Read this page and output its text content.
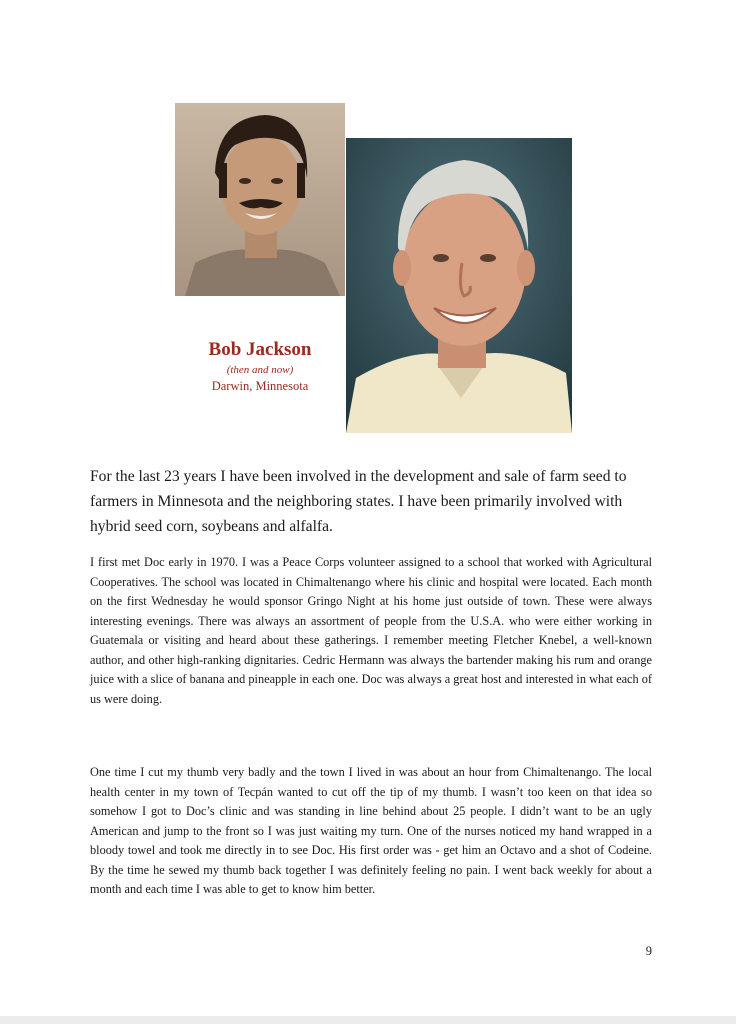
Bob Jackson
(then and now)
Darwin, Minnesota

For the last 23 years I have been involved in the development and sale of farm seed to farmers in Minnesota and the neighboring states. I have been primarily involved with hybrid seed corn, soybeans and alfalfa.

I first met Doc early in 1970. I was a Peace Corps volunteer assigned to a school that worked with Agricultural Cooperatives. The school was located in Chimaltenango where his clinic and hospital were located. Each month on the first Wednesday he would sponsor Gringo Night at his home just outside of town. These were always interesting evenings. There was always an assortment of people from the U.S.A. who were either working in Guatemala or visiting and heard about these gatherings. I remember meeting Fletcher Knebel, a well-known author, and other high-ranking dignitaries. Cedric Hermann was always the bartender making his rum and orange juice with a slice of banana and pineapple in each one. Doc was always a great host and interested in what each of us were doing.

One time I cut my thumb very badly and the town I lived in was about an hour from Chimaltenango. The local health center in my town of Tecpán wanted to cut off the tip of my thumb. I wasn’t too keen on that idea so somehow I got to Doc’s clinic and was standing in line behind about 25 people. I didn’t want to be an ugly American and jump to the front so I was just waiting my turn. One of the nurses noticed my hand wrapped in a bloody towel and took me directly in to see Doc. His first order was - get him an Octavo and a shot of Codeine. By the time he sewed my thumb back together I was definitely feeling no pain. I went back weekly for about a month and each time I was able to get to know him better.

9
